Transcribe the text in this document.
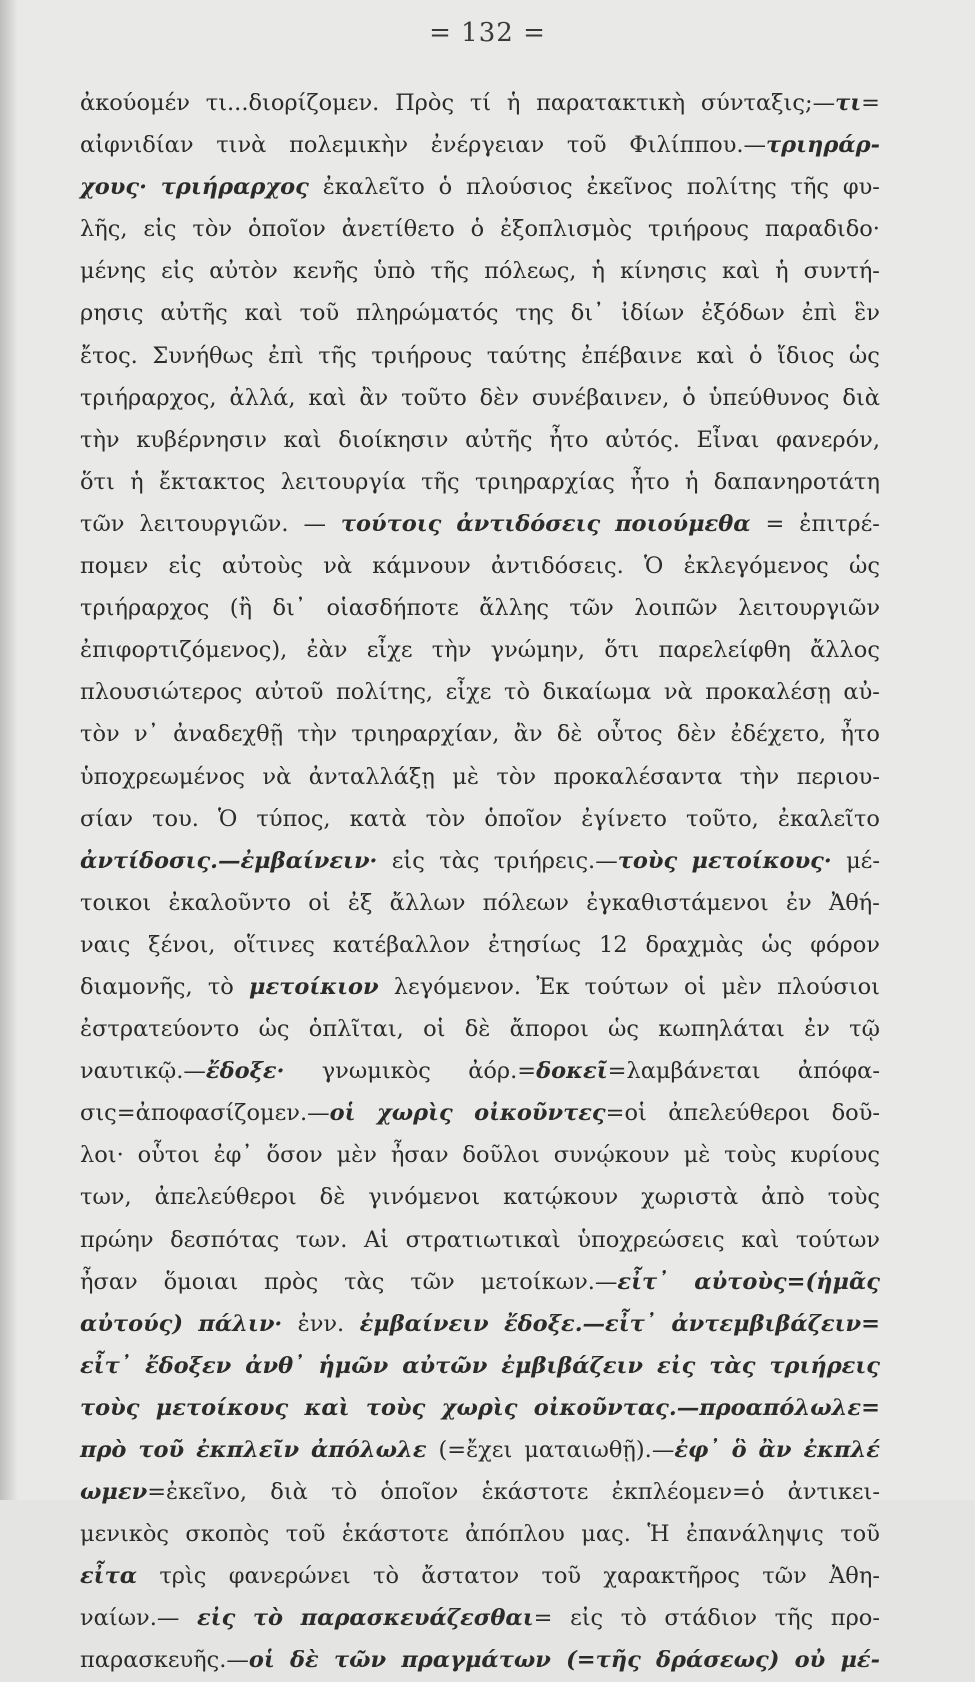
= 132 =
ἀκούομέν τι...διορίζομεν. Πρὸς τί ἡ παρατακτικὴ σύνταξις;—τι=
αἰφνιδίαν τινὰ πολεμικὴν ἐνέργειαν τοῦ Φιλίππου.—τριηράρ-
χους· τριήραρχος ἐκαλεῖτο ὁ πλούσιος ἐκεῖνος πολίτης τῆς φυ-
λῆς, εἰς τὸν ὁποῖον ἀνετίθετο ὁ ἐξοπλισμὸς τριήρους παραδιδο·
μένης εἰς αὐτὸν κενῆς ὑπὸ τῆς πόλεως, ἡ κίνησις καὶ ἡ συντή-
ρησις αὐτῆς καὶ τοῦ πληρώματός της δι᾿ ἰδίων ἐξόδων ἐπὶ ἓν
ἔτος. Συνήθως ἐπὶ τῆς τριήρους ταύτης ἐπέβαινε καὶ ὁ ἴδιος ὡς
τριήραρχος, ἀλλά, καὶ ἂν τοῦτο δὲν συνέβαινεν, ὁ ὑπεύθυνος διὰ
τὴν κυβέρνησιν καὶ διοίκησιν αὐτῆς ἦτο αὐτός. Εἶναι φανερόν,
ὅτι ἡ ἔκτακτος λειτουργία τῆς τριηραρχίας ἦτο ἡ δαπανηροτάτη
τῶν λειτουργιῶν. — τούτοις ἀντιδόσεις ποιούμεθα = ἐπιτρέ-
πομεν εἰς αὐτοὺς νὰ κάμνουν ἀντιδόσεις. Ὁ ἐκλεγόμενος ὡς
τριήραρχος (ἢ δι᾿ οἱασδήποτε ἄλλης τῶν λοιπῶν λειτουργιῶν
ἐπιφορτιζόμενος), ἐὰν εἶχε τὴν γνώμην, ὅτι παρελείφθη ἄλλος
πλουσιώτερος αὐτοῦ πολίτης, εἶχε τὸ δικαίωμα νὰ προκαλέσῃ αὐ-
τὸν ν᾿ ἀναδεχθῇ τὴν τριηραρχίαν, ἂν δὲ οὗτος δὲν ἐδέχετο, ἦτο
ὑποχρεωμένος νὰ ἀνταλλάξῃ μὲ τὸν προκαλέσαντα τὴν περιου-
σίαν του. Ὁ τύπος, κατὰ τὸν ὁποῖον ἐγίνετο τοῦτο, ἐκαλεῖτο
ἀντίδοσις.—ἐμβαίνειν· εἰς τὰς τριήρεις.—τοὺς μετοίκους· μέ-
τοικοι ἐκαλοῦντο οἱ ἐξ ἄλλων πόλεων ἐγκαθιστάμενοι ἐν Ἀθή-
ναις ξένοι, οἵτινες κατέβαλλον ἐτησίως 12 δραχμὰς ὡς φόρον
διαμονῆς, τὸ μετοίκιον λεγόμενον. Ἐκ τούτων οἱ μὲν πλούσιοι
ἐστρατεύοντο ὡς ὁπλῖται, οἱ δὲ ἄποροι ὡς κωπηλάται ἐν τῷ
ναυτικῷ.—ἔδοξε· γνωμικὸς ἀόρ.=δοκεῖ=λαμβάνεται ἀπόφα-
σις=ἀποφασίζομεν.—οἱ χωρὶς οἰκοῦντες=οἱ ἀπελεύθεροι δοῦ-
λοι· οὗτοι ἐφ᾿ ὅσον μὲν ἦσαν δοῦλοι συνῴκουν μὲ τοὺς κυρίους
των, ἀπελεύθεροι δὲ γινόμενοι κατῴκουν χωριστὰ ἀπὸ τοὺς
πρώην δεσπότας των. Αἱ στρατιωτικαὶ ὑποχρεώσεις καὶ τούτων
ἦσαν ὅμοιαι πρὸς τὰς τῶν μετοίκων.—εἶτ᾿ αὐτοὺς=(ἡμᾶς
αὐτούς) πάλιν· ἐνν. ἐμβαίνειν ἔδοξε.—εἶτ᾿ ἀντεμβιβάζειν=
εἶτ᾿ ἔδοξεν ἀνθ᾿ ἡμῶν αὐτῶν ἐμβιβάζειν εἰς τὰς τριήρεις
τοὺς μετοίκους καὶ τοὺς χωρὶς οἰκοῦντας.—προαπόλωλε=
πρὸ τοῦ ἐκπλεῖν ἀπόλωλε (=ἔχει ματαιωθῇ).—ἐφ᾿ ὃ ἂν ἐκπλέ
ωμεν=ἐκεῖνο, διὰ τὸ ὁποῖον ἑκάστοτε ἐκπλέομεν=ὁ ἀντικει-
μενικὸς σκοπὸς τοῦ ἑκάστοτε ἀπόπλου μας. Ἡ ἐπανάληψις τοῦ
εἶτα τρὶς φανερώνει τὸ ἄστατον τοῦ χαρακτῆρος τῶν Ἀθη-
ναίων.— εἰς τὸ παρασκευάζεσθαι= εἰς τὸ στάδιον τῆς προ-
παρασκευῆς.—οἱ δὲ τῶν πραγμάτων (=τῆς δράσεως) οὐ μέ-
